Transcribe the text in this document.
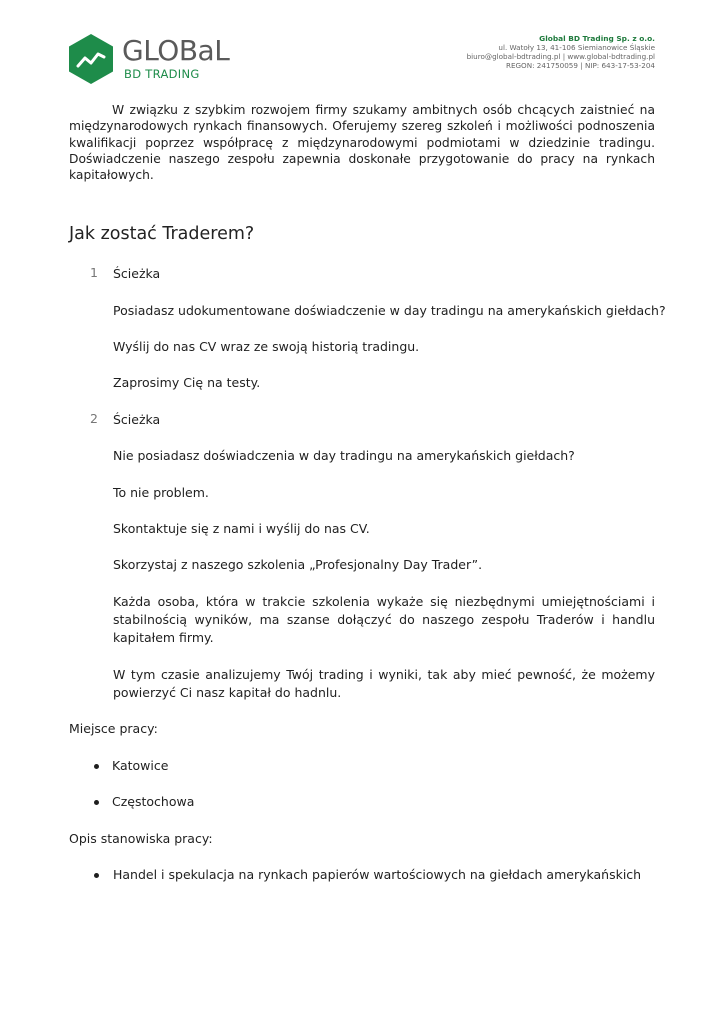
GLOBaL
BD TRADING
Global BD Trading Sp. z o.o.
ul. Watoły 13, 41-106 Siemianowice Śląskie
biuro@global-bdtrading.pl | www.global-bdtrading.pl
REGON: 241750059 | NIP: 643-17-53-204
W związku z szybkim rozwojem firmy szukamy ambitnych osób chcących zaistnieć na międzynarodowych rynkach finansowych. Oferujemy szereg szkoleń i możliwości podnoszenia kwalifikacji poprzez współpracę z międzynarodowymi podmiotami w dziedzinie tradingu. Doświadczenie naszego zespołu zapewnia doskonałe przygotowanie do pracy na rynkach kapitałowych.
Jak zostać Traderem?
1 Ścieżka
Posiadasz udokumentowane doświadczenie w day tradingu na amerykańskich giełdach?
Wyślij do nas CV wraz ze swoją historią tradingu.
Zaprosimy Cię na testy.
2 Ścieżka
Nie posiadasz doświadczenia w day tradingu na amerykańskich giełdach?
To nie problem.
Skontaktuje się z nami i wyślij do nas CV.
Skorzystaj z naszego szkolenia „Profesjonalny Day Trader”.
Każda osoba, która w trakcie szkolenia wykaże się niezbędnymi umiejętnościami i stabilnością wyników, ma szanse dołączyć do naszego zespołu Traderów i handlu kapitałem firmy.
W tym czasie analizujemy Twój trading i wyniki, tak aby mieć pewność, że możemy powierzyć Ci nasz kapitał do hadnlu.
Miejsce pracy:
Katowice
Częstochowa
Opis stanowiska pracy:
Handel i spekulacja na rynkach papierów wartościowych na giełdach amerykańskich
